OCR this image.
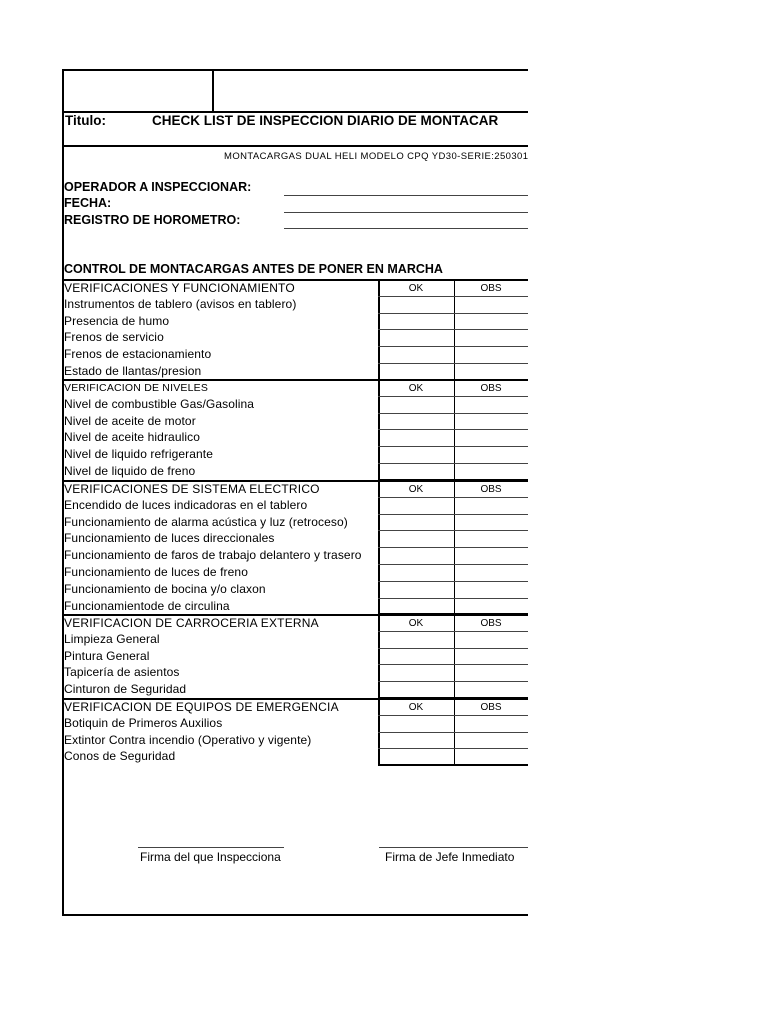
Titulo:	CHECK LIST DE INSPECCION DIARIO DE MONTACAR
MONTACARGAS DUAL HELI MODELO CPQ YD30-SERIE:250301
OPERADOR A INSPECCIONAR:
FECHA:
REGISTRO DE HOROMETRO:
CONTROL DE MONTACARGAS ANTES DE PONER EN MARCHA
VERIFICACIONES Y FUNCIONAMIENTO	OK	OBS
Instrumentos de tablero (avisos en tablero)
Presencia de humo
Frenos de servicio
Frenos de estacionamiento
Estado de llantas/presion
VERIFICACION DE NIVELES	OK	OBS
Nivel de combustible Gas/Gasolina
Nivel de aceite de motor
Nivel de aceite hidraulico
Nivel de liquido refrigerante
Nivel de liquido de freno
VERIFICACIONES DE SISTEMA ELECTRICO	OK	OBS
Encendido de luces indicadoras en el tablero
Funcionamiento de alarma acústica y luz (retroceso)
Funcionamiento de luces direccionales
Funcionamiento de faros de trabajo delantero y trasero
Funcionamiento de luces de freno
Funcionamiento de bocina y/o claxon
Funcionamientode de circulina
VERIFICACION DE CARROCERIA EXTERNA	OK	OBS
Limpieza General
Pintura General
Tapicería de asientos
Cinturon de Seguridad
VERIFICACION DE EQUIPOS DE EMERGENCIA	OK	OBS
Botiquin de Primeros Auxilios
Extintor Contra incendio (Operativo y vigente)
Conos de Seguridad
Firma del que Inspecciona	Firma de Jefe Inmediato
